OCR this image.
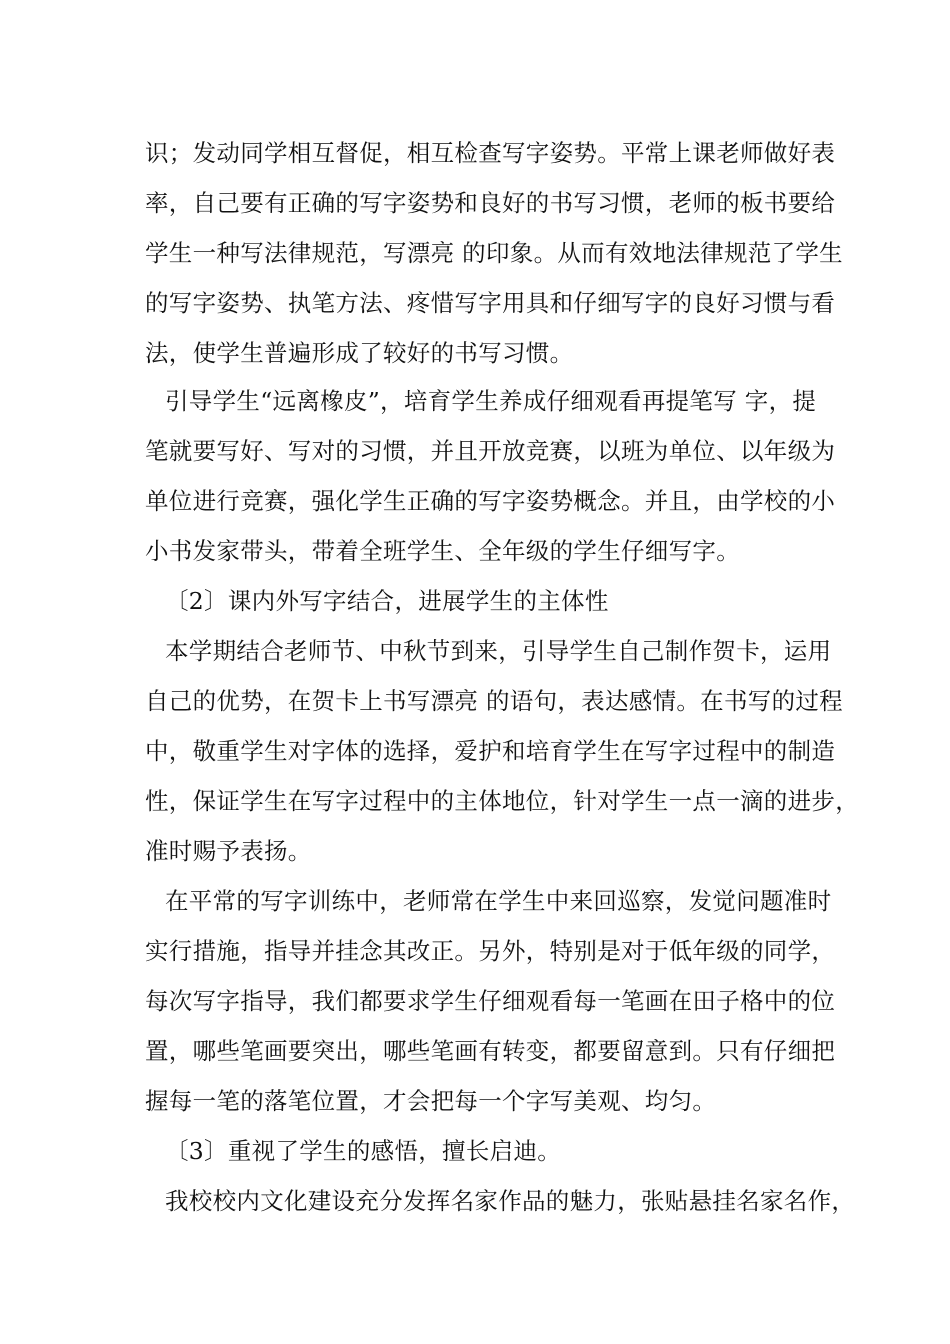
识；发动同学相互督促，相互检查写字姿势。平常上课老师做好表
率，自己要有正确的写字姿势和良好的书写习惯，老师的板书要给
学生一种写法律规范，写漂亮 的印象。从而有效地法律规范了学生
的写字姿势、执笔方法、疼惜写字用具和仔细写字的良好习惯与看
法，使学生普遍形成了较好的书写习惯。
引导学生“远离橡皮”，培育学生养成仔细观看再提笔写 字，提
笔就要写好、写对的习惯，并且开放竞赛，以班为单位、以年级为
单位进行竞赛，强化学生正确的写字姿势概念。并且，由学校的小
小书发家带头，带着全班学生、全年级的学生仔细写字。
〔2〕课内外写字结合，进展学生的主体性
本学期结合老师节、中秋节到来，引导学生自己制作贺卡，运用
自己的优势，在贺卡上书写漂亮 的语句，表达感情。在书写的过程
中，敬重学生对字体的选择，爱护和培育学生在写字过程中的制造
性，保证学生在写字过程中的主体地位，针对学生一点一滴的进步，
准时赐予表扬。
在平常的写字训练中，老师常在学生中来回巡察，发觉问题准时
实行措施，指导并挂念其改正。另外，特别是对于低年级的同学，
每次写字指导，我们都要求学生仔细观看每一笔画在田子格中的位
置，哪些笔画要突出，哪些笔画有转变，都要留意到。只有仔细把
握每一笔的落笔位置，才会把每一个字写美观、均匀。
〔3〕重视了学生的感悟，擅长启迪。
我校校内文化建设充分发挥名家作品的魅力，张贴悬挂名家名作，
